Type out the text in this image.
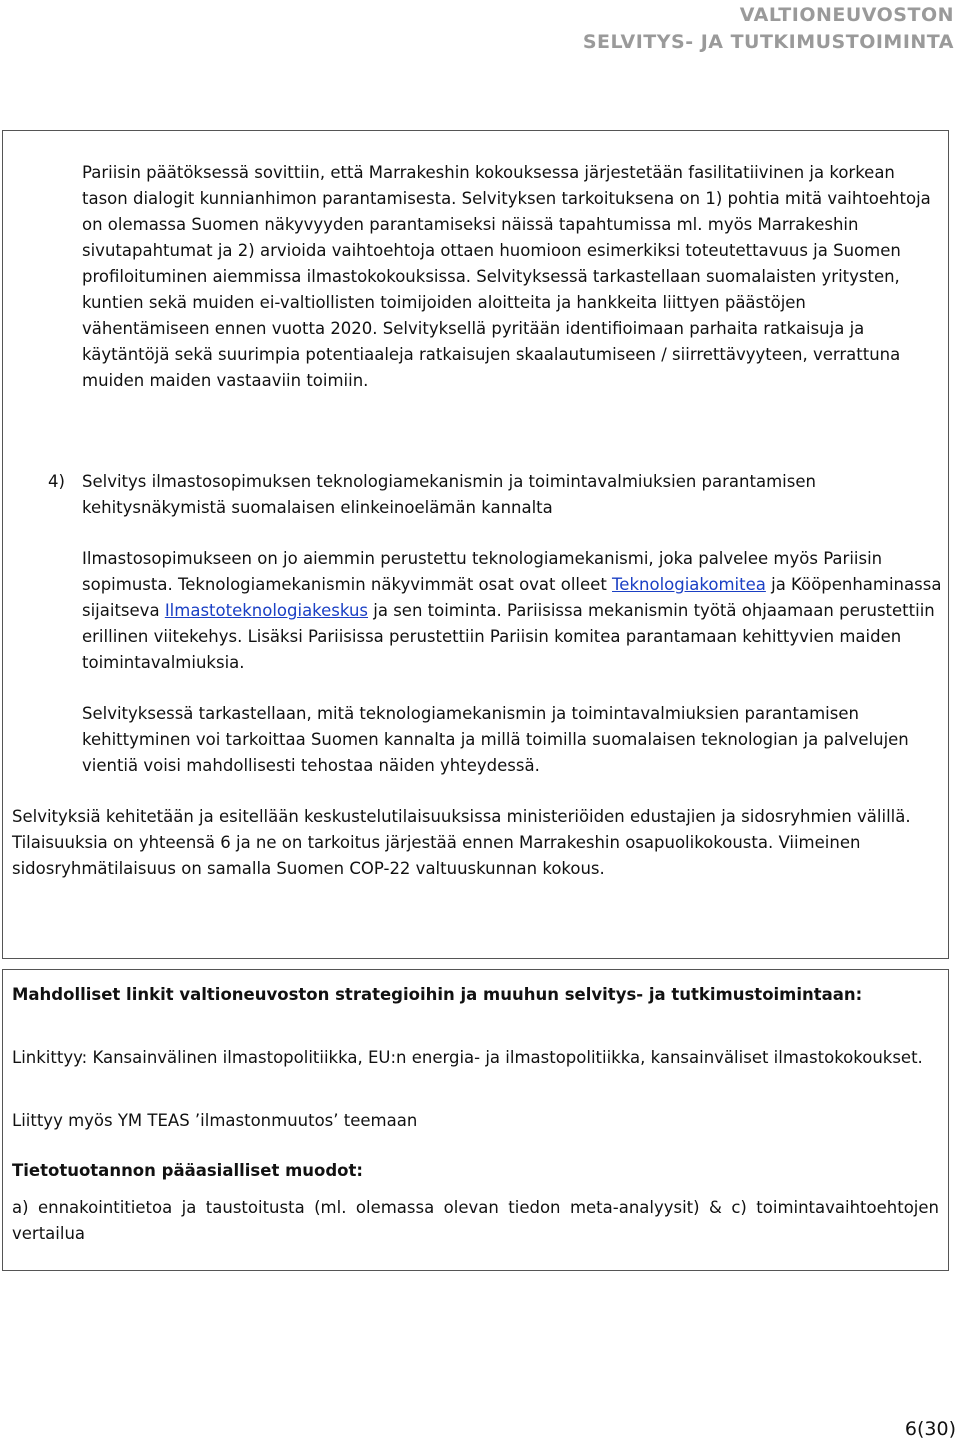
VALTIONEUVOSTON
SELVITYS- JA TUTKIMUSTOIMINTA

Pariisin päätöksessä sovittiin, että Marrakeshin kokouksessa järjestetään fasilitatiivinen ja korkean tason dialogit kunnianhimon parantamisesta. Selvityksen tarkoituksena on 1) pohtia mitä vaihtoehtoja on olemassa Suomen näkyvyyden parantamiseksi näissä tapahtumissa ml. myös Marrakeshin sivutapahtumat ja 2) arvioida vaihtoehtoja ottaen huomioon esimerkiksi toteutettavuus ja Suomen profiloituminen aiemmissa ilmastokokouksissa. Selvityksessä tarkastellaan suomalaisten yritysten, kuntien sekä muiden ei-valtiollisten toimijoiden aloitteita ja hankkeita liittyen päästöjen vähentämiseen ennen vuotta 2020. Selvityksellä pyritään identifioimaan parhaita ratkaisuja ja käytäntöjä sekä suurimpia potentiaaleja ratkaisujen skaalautumiseen / siirrettävyyteen, verrattuna muiden maiden vastaaviin toimiin.

4) Selvitys ilmastosopimuksen teknologiamekanismin ja toimintavalmiuksien parantamisen kehitysnäkymistä suomalaisen elinkeinoelämän kannalta

Ilmastosopimukseen on jo aiemmin perustettu teknologiamekanismi, joka palvelee myös Pariisin sopimusta. Teknologiamekanismin näkyvimmät osat ovat olleet Teknologiakomitea ja Kööpenhaminassa sijaitseva Ilmastoteknologiakeskus ja sen toiminta. Pariisissa mekanismin työtä ohjaamaan perustettiin erillinen viitekehys. Lisäksi Pariisissa perustettiin Pariisin komitea parantamaan kehittyvien maiden toimintavalmiuksia.

Selvityksessä tarkastellaan, mitä teknologiamekanismin ja toimintavalmiuksien parantamisen kehittyminen voi tarkoittaa Suomen kannalta ja millä toimilla suomalaisen teknologian ja palvelujen vientiä voisi mahdollisesti tehostaa näiden yhteydessä.

Selvityksiä kehitetään ja esitellään keskustelutilaisuuksissa ministeriöiden edustajien ja sidosryhmien välillä. Tilaisuuksia on yhteensä 6 ja ne on tarkoitus järjestää ennen Marrakeshin osapuolikokousta. Viimeinen sidosryhmätilaisuus on samalla Suomen COP-22 valtuuskunnan kokous.

Mahdolliset linkit valtioneuvoston strategioihin ja muuhun selvitys- ja tutkimustoimintaan:

Linkittyy: Kansainvälinen ilmastopolitiikka, EU:n energia- ja ilmastopolitiikka, kansainväliset ilmastokokoukset.

Liittyy myös YM TEAS ’ilmastonmuutos’ teemaan

Tietotuotannon pääasialliset muodot:

a) ennakointitietoa ja taustoitusta (ml. olemassa olevan tiedon meta-analyysit) & c) toimintavaihtoehtojen vertailua

6(30)
